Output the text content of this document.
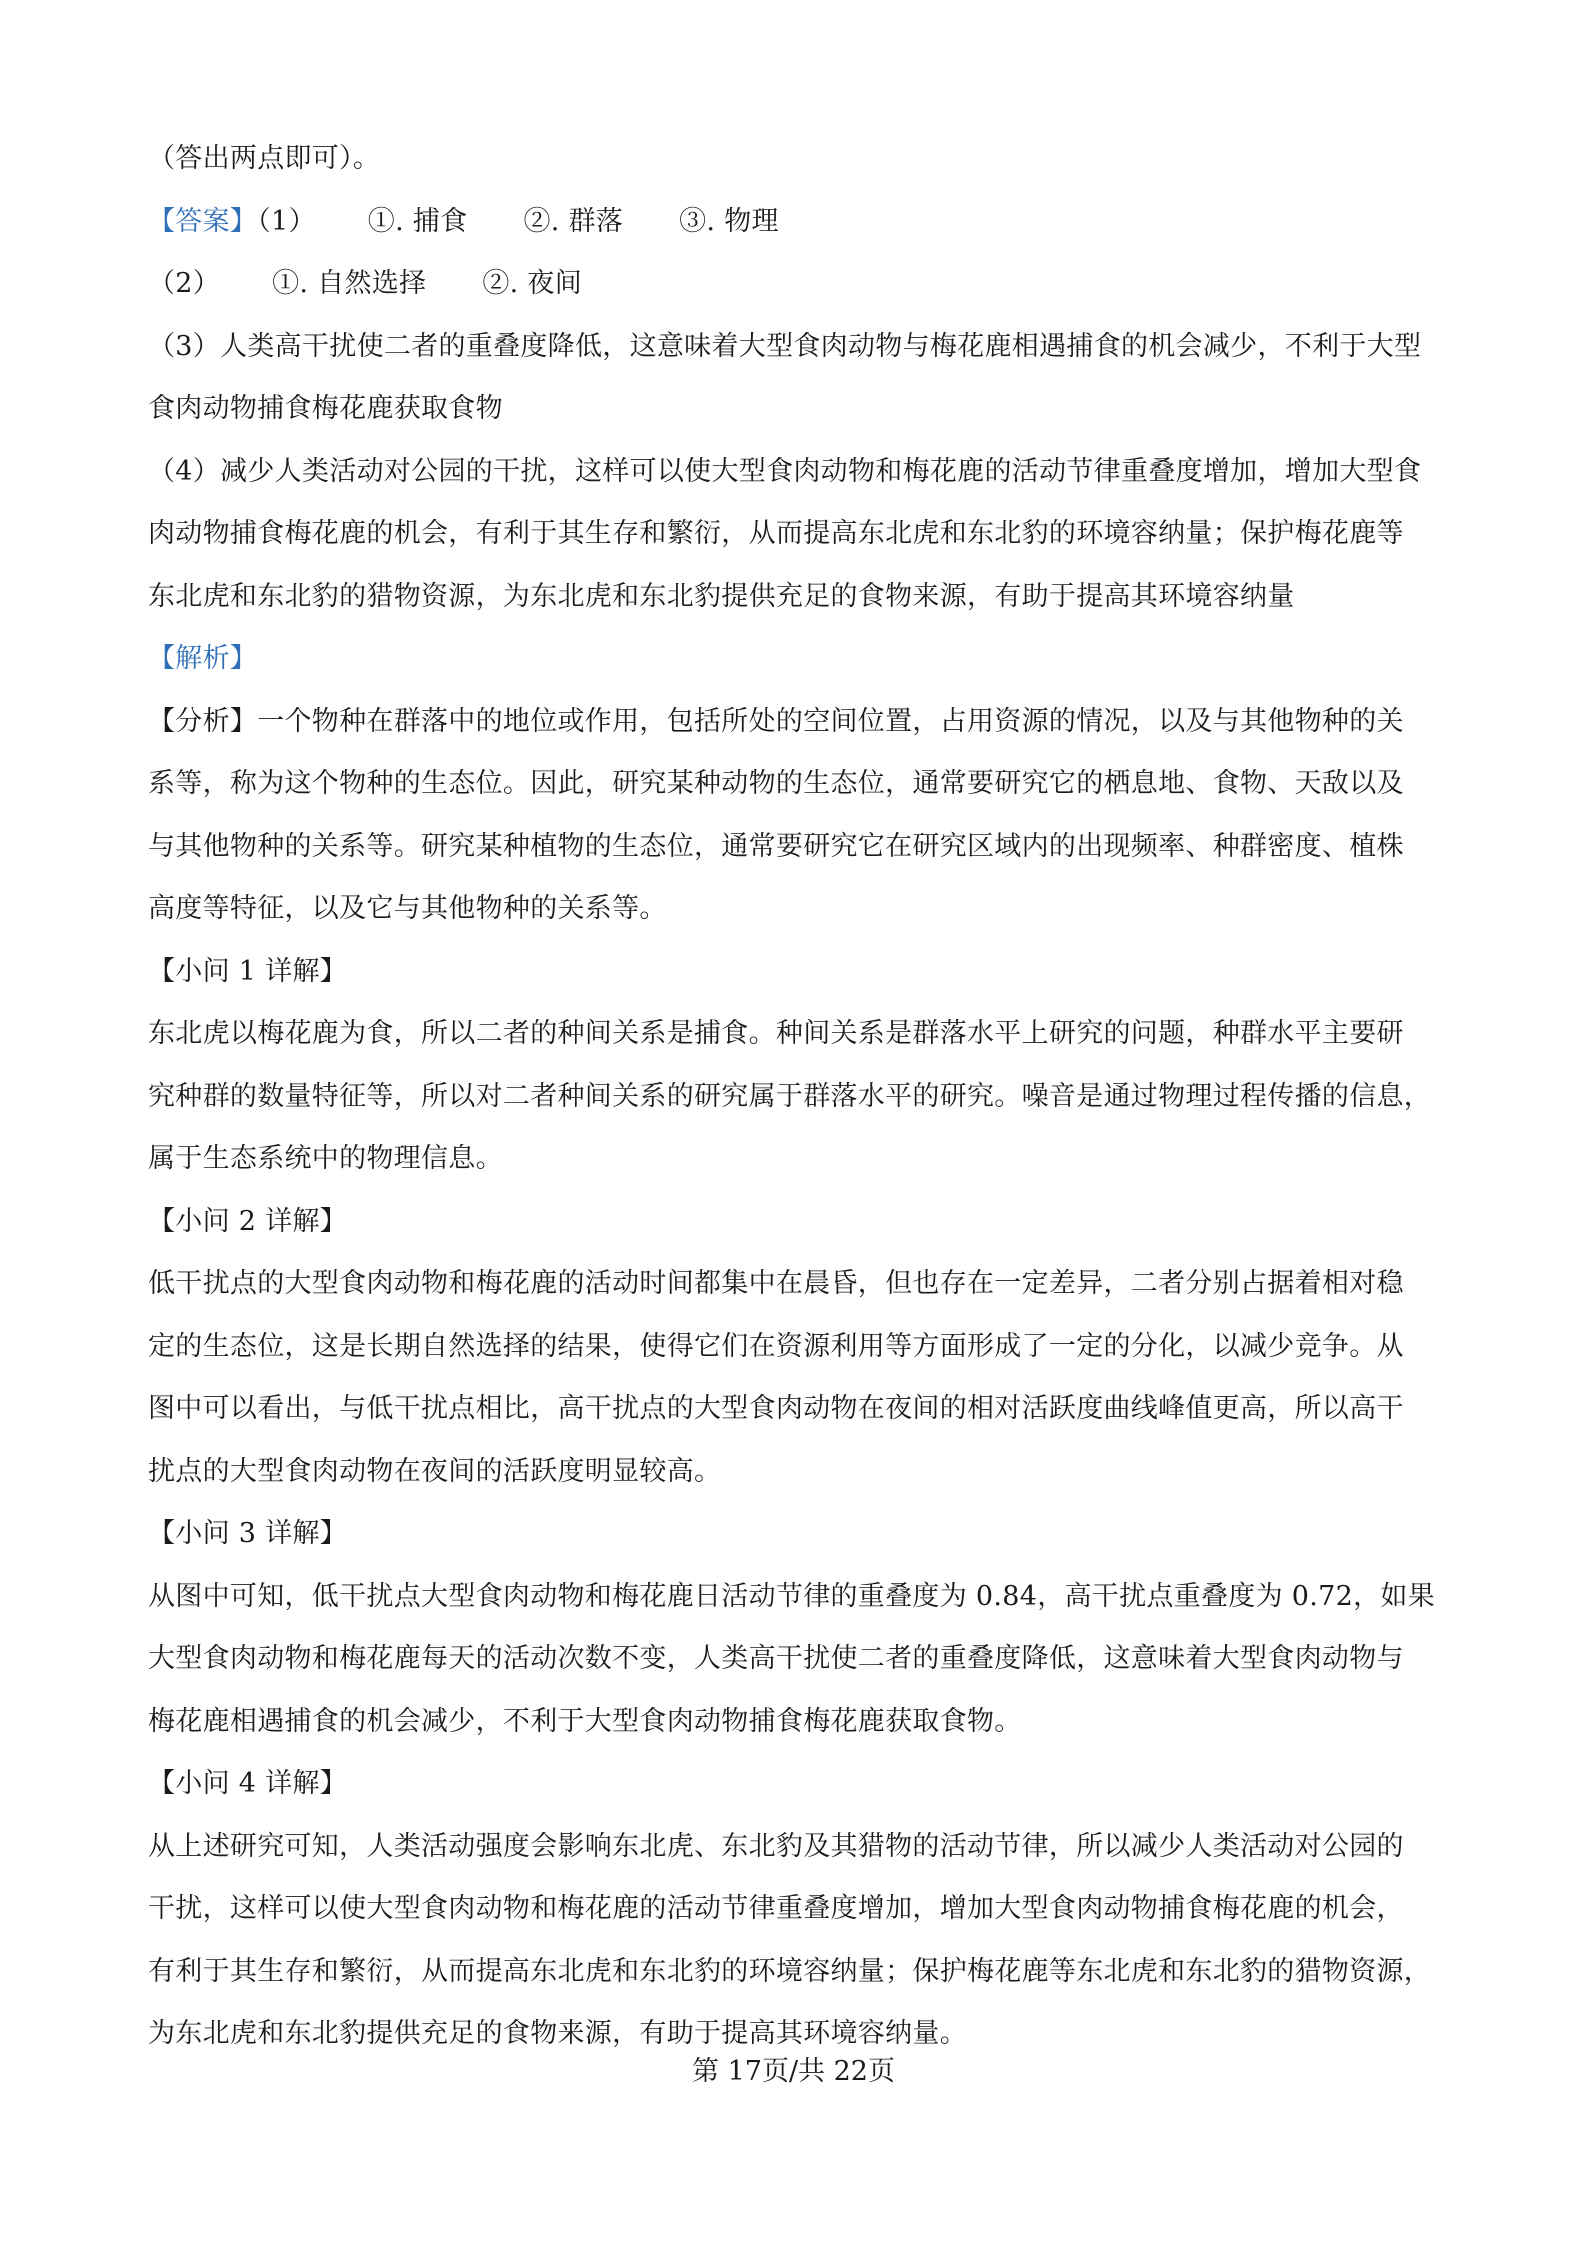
（答出两点即可）。
【答案】（1） ①. 捕食 ②. 群落 ③. 物理
（2） ①. 自然选择 ②. 夜间
（3）人类高干扰使二者的重叠度降低，这意味着大型食肉动物与梅花鹿相遇捕食的机会减少，不利于大型
食肉动物捕食梅花鹿获取食物
（4）减少人类活动对公园的干扰，这样可以使大型食肉动物和梅花鹿的活动节律重叠度增加，增加大型食
肉动物捕食梅花鹿的机会，有利于其生存和繁衍，从而提高东北虎和东北豹的环境容纳量；保护梅花鹿等
东北虎和东北豹的猎物资源，为东北虎和东北豹提供充足的食物来源，有助于提高其环境容纳量
【解析】
【分析】一个物种在群落中的地位或作用，包括所处的空间位置，占用资源的情况，以及与其他物种的关
系等，称为这个物种的生态位。因此，研究某种动物的生态位，通常要研究它的栖息地、食物、天敌以及
与其他物种的关系等。研究某种植物的生态位，通常要研究它在研究区域内的出现频率、种群密度、植株
高度等特征，以及它与其他物种的关系等。
【小问 1 详解】
东北虎以梅花鹿为食，所以二者的种间关系是捕食。种间关系是群落水平上研究的问题，种群水平主要研
究种群的数量特征等，所以对二者种间关系的研究属于群落水平的研究。噪音是通过物理过程传播的信息，
属于生态系统中的物理信息。
【小问 2 详解】
低干扰点的大型食肉动物和梅花鹿的活动时间都集中在晨昏，但也存在一定差异，二者分别占据着相对稳
定的生态位，这是长期自然选择的结果，使得它们在资源利用等方面形成了一定的分化，以减少竞争。从
图中可以看出，与低干扰点相比，高干扰点的大型食肉动物在夜间的相对活跃度曲线峰值更高，所以高干
扰点的大型食肉动物在夜间的活跃度明显较高。
【小问 3 详解】
从图中可知，低干扰点大型食肉动物和梅花鹿日活动节律的重叠度为 0.84，高干扰点重叠度为 0.72，如果
大型食肉动物和梅花鹿每天的活动次数不变，人类高干扰使二者的重叠度降低，这意味着大型食肉动物与
梅花鹿相遇捕食的机会减少，不利于大型食肉动物捕食梅花鹿获取食物。
【小问 4 详解】
从上述研究可知，人类活动强度会影响东北虎、东北豹及其猎物的活动节律，所以减少人类活动对公园的
干扰，这样可以使大型食肉动物和梅花鹿的活动节律重叠度增加，增加大型食肉动物捕食梅花鹿的机会，
有利于其生存和繁衍，从而提高东北虎和东北豹的环境容纳量；保护梅花鹿等东北虎和东北豹的猎物资源，
为东北虎和东北豹提供充足的食物来源，有助于提高其环境容纳量。
第 17页/共 22页
